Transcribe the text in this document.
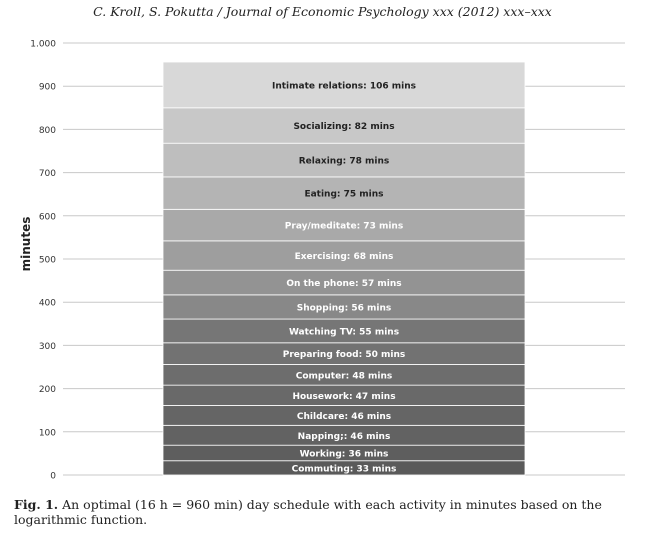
C. Kroll, S. Pokutta / Journal of Economic Psychology xxx (2012) xxx–xxx
0
100
200
300
400
500
600
700
800
900
1.000
minutes
Commuting: 33 mins
Working: 36 mins
Napping;: 46 mins
Childcare: 46 mins
Housework: 47 mins
Computer: 48 mins
Preparing food: 50 mins
Watching TV: 55 mins
Shopping: 56 mins
On the phone: 57 mins
Exercising: 68 mins
Pray/meditate: 73 mins
Eating: 75 mins
Relaxing: 78 mins
Socializing: 82 mins
Intimate relations: 106 mins
Fig. 1. An optimal (16 h = 960 min) day schedule with each activity in minutes based on the logarithmic function.
